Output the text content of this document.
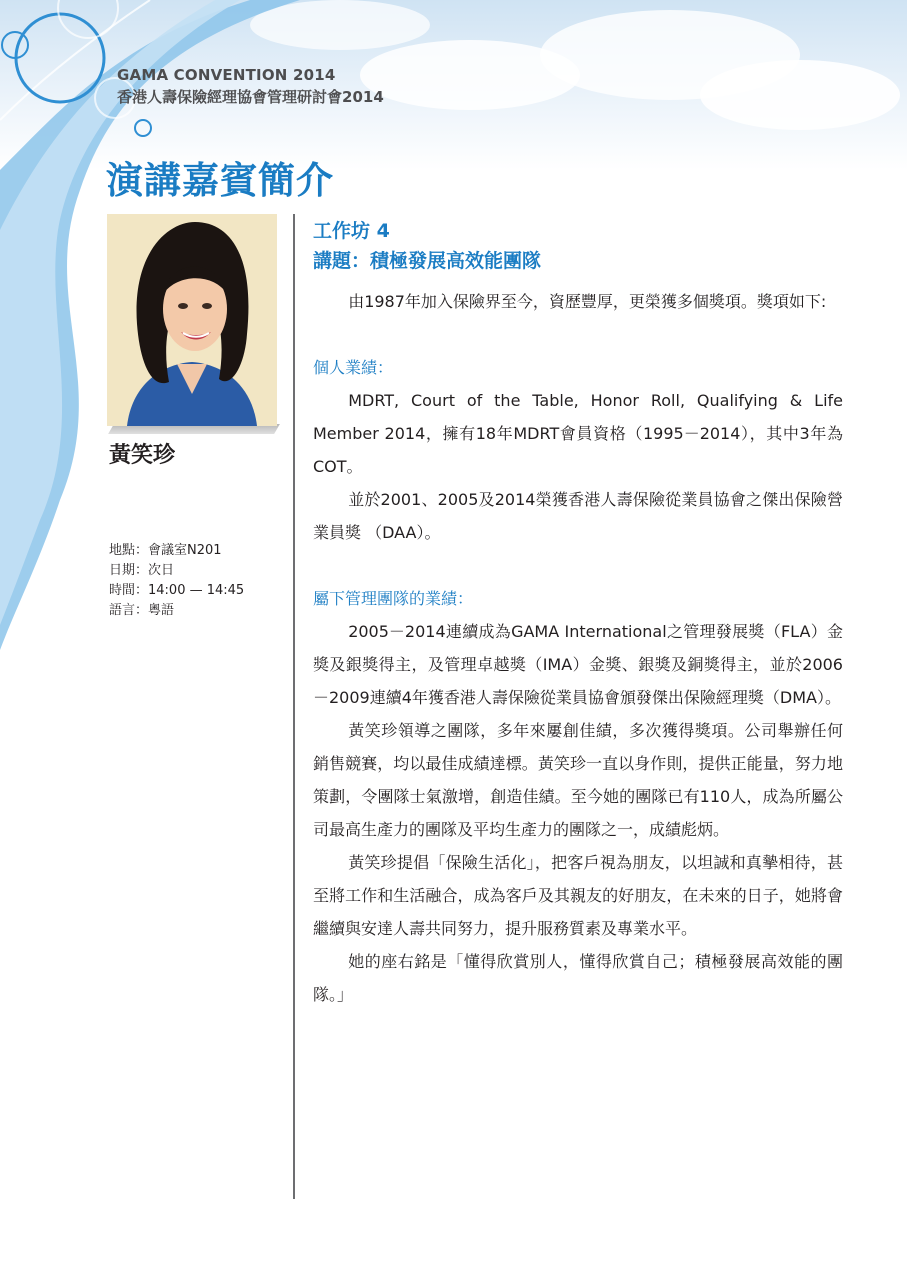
GAMA CONVENTION 2014
香港人壽保險經理協會管理研討會2014
演講嘉賓簡介
黃笑珍
地點：會議室N201
日期：次日
時間：14:00 — 14:45
語言：粵語
工作坊 4
講題：積極發展高效能團隊

由1987年加入保險界至今，資歷豐厚，更榮獲多個獎項。獎項如下:

個人業績：

MDRT, Court of the Table, Honor Roll, Qualifying & Life Member 2014，擁有18年MDRT會員資格（1995－2014），其中3年為COT。

並於2001、2005及2014榮獲香港人壽保險從業員協會之傑出保險營業員獎 （DAA）。

屬下管理團隊的業績：

2005－2014連續成為GAMA International之管理發展獎（FLA）金獎及銀獎得主，及管理卓越獎（IMA）金獎、銀獎及銅獎得主，並於2006－2009連續4年獲香港人壽保險從業員協會頒發傑出保險經理獎（DMA）。

黃笑珍領導之團隊，多年來屢創佳績，多次獲得獎項。公司舉辦任何銷售競賽，均以最佳成績達標。黃笑珍一直以身作則，提供正能量，努力地策劃，令團隊士氣激增，創造佳績。至今她的團隊已有110人，成為所屬公司最高生產力的團隊及平均生產力的團隊之一，成績彪炳。

黃笑珍提倡「保險生活化」，把客戶視為朋友，以坦誠和真摰相待，甚至將工作和生活融合，成為客戶及其親友的好朋友，在未來的日子，她將會繼續與安達人壽共同努力，提升服務質素及專業水平。

她的座右銘是「懂得欣賞別人，懂得欣賞自己；積極發展高效能的團隊。」
